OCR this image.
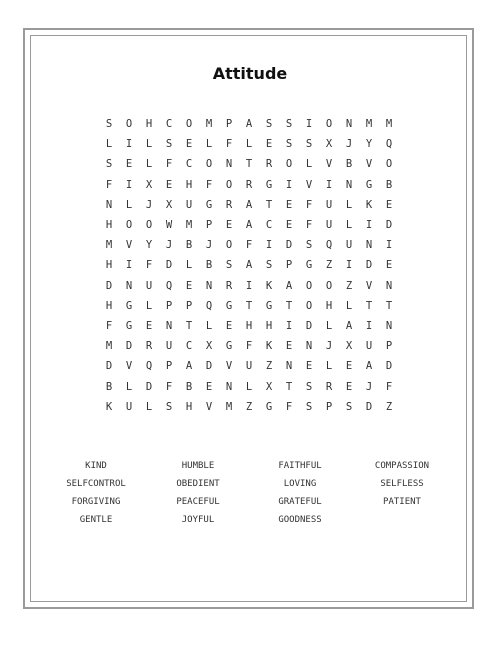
Attitude
S	O	H	C	O	M	P	A	S	S	I	O	N	M	M
L	I	L	S	E	L	F	L	E	S	S	X	J	Y	Q
S	E	L	F	C	O	N	T	R	O	L	V	B	V	O
F	I	X	E	H	F	O	R	G	I	V	I	N	G	B
N	L	J	X	U	G	R	A	T	E	F	U	L	K	E
H	O	O	W	M	P	E	A	C	E	F	U	L	I	D
M	V	Y	J	B	J	O	F	I	D	S	Q	U	N	I
H	I	F	D	L	B	S	A	S	P	G	Z	I	D	E
D	N	U	Q	E	N	R	I	K	A	O	O	Z	V	N
H	G	L	P	P	Q	G	T	G	T	O	H	L	T	T
F	G	E	N	T	L	E	H	H	I	D	L	A	I	N
M	D	R	U	C	X	G	F	K	E	N	J	X	U	P
D	V	Q	P	A	D	V	U	Z	N	E	L	E	A	D
B	L	D	F	B	E	N	L	X	T	S	R	E	J	F
K	U	L	S	H	V	M	Z	G	F	S	P	S	D	Z
KIND	HUMBLE	FAITHFUL	COMPASSION
SELFCONTROL	OBEDIENT	LOVING	SELFLESS
FORGIVING	PEACEFUL	GRATEFUL	PATIENT
GENTLE	JOYFUL	GOODNESS
